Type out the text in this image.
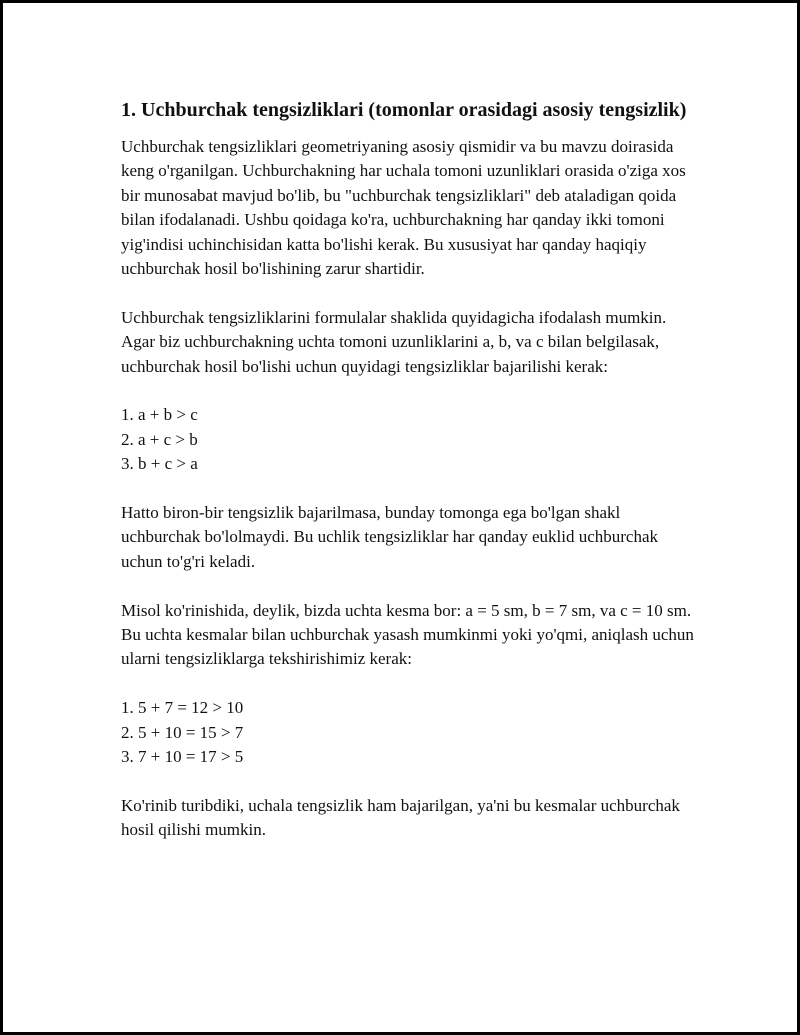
1. Uchburchak tengsizliklari (tomonlar orasidagi asosiy tengsizlik)

Uchburchak tengsizliklari geometriyaning asosiy qismidir va bu mavzu doirasida keng o'rganilgan. Uchburchakning har uchala tomoni uzunliklari orasida o'ziga xos bir munosabat mavjud bo'lib, bu "uchburchak tengsizliklari" deb ataladigan qoida bilan ifodalanadi. Ushbu qoidaga ko'ra, uchburchakning har qanday ikki tomoni yig'indisi uchinchisidan katta bo'lishi kerak. Bu xususiyat har qanday haqiqiy uchburchak hosil bo'lishining zarur shartidir.

Uchburchak tengsizliklarini formulalar shaklida quyidagicha ifodalash mumkin. Agar biz uchburchakning uchta tomoni uzunliklarini a, b, va c bilan belgilasak, uchburchak hosil bo'lishi uchun quyidagi tengsizliklar bajarilishi kerak:

1. a + b > c
2. a + c > b
3. b + c > a

Hatto biron-bir tengsizlik bajarilmasa, bunday tomonga ega bo'lgan shakl uchburchak bo'lolmaydi. Bu uchlik tengsizliklar har qanday euklid uchburchak uchun to'g'ri keladi.

Misol ko'rinishida, deylik, bizda uchta kesma bor: a = 5 sm, b = 7 sm, va c = 10 sm. Bu uchta kesmalar bilan uchburchak yasash mumkinmi yoki yo'qmi, aniqlash uchun ularni tengsizliklarga tekshirishimiz kerak:

1. 5 + 7 = 12 > 10
2. 5 + 10 = 15 > 7
3. 7 + 10 = 17 > 5

Ko'rinib turibdiki, uchala tengsizlik ham bajarilgan, ya'ni bu kesmalar uchburchak hosil qilishi mumkin.
